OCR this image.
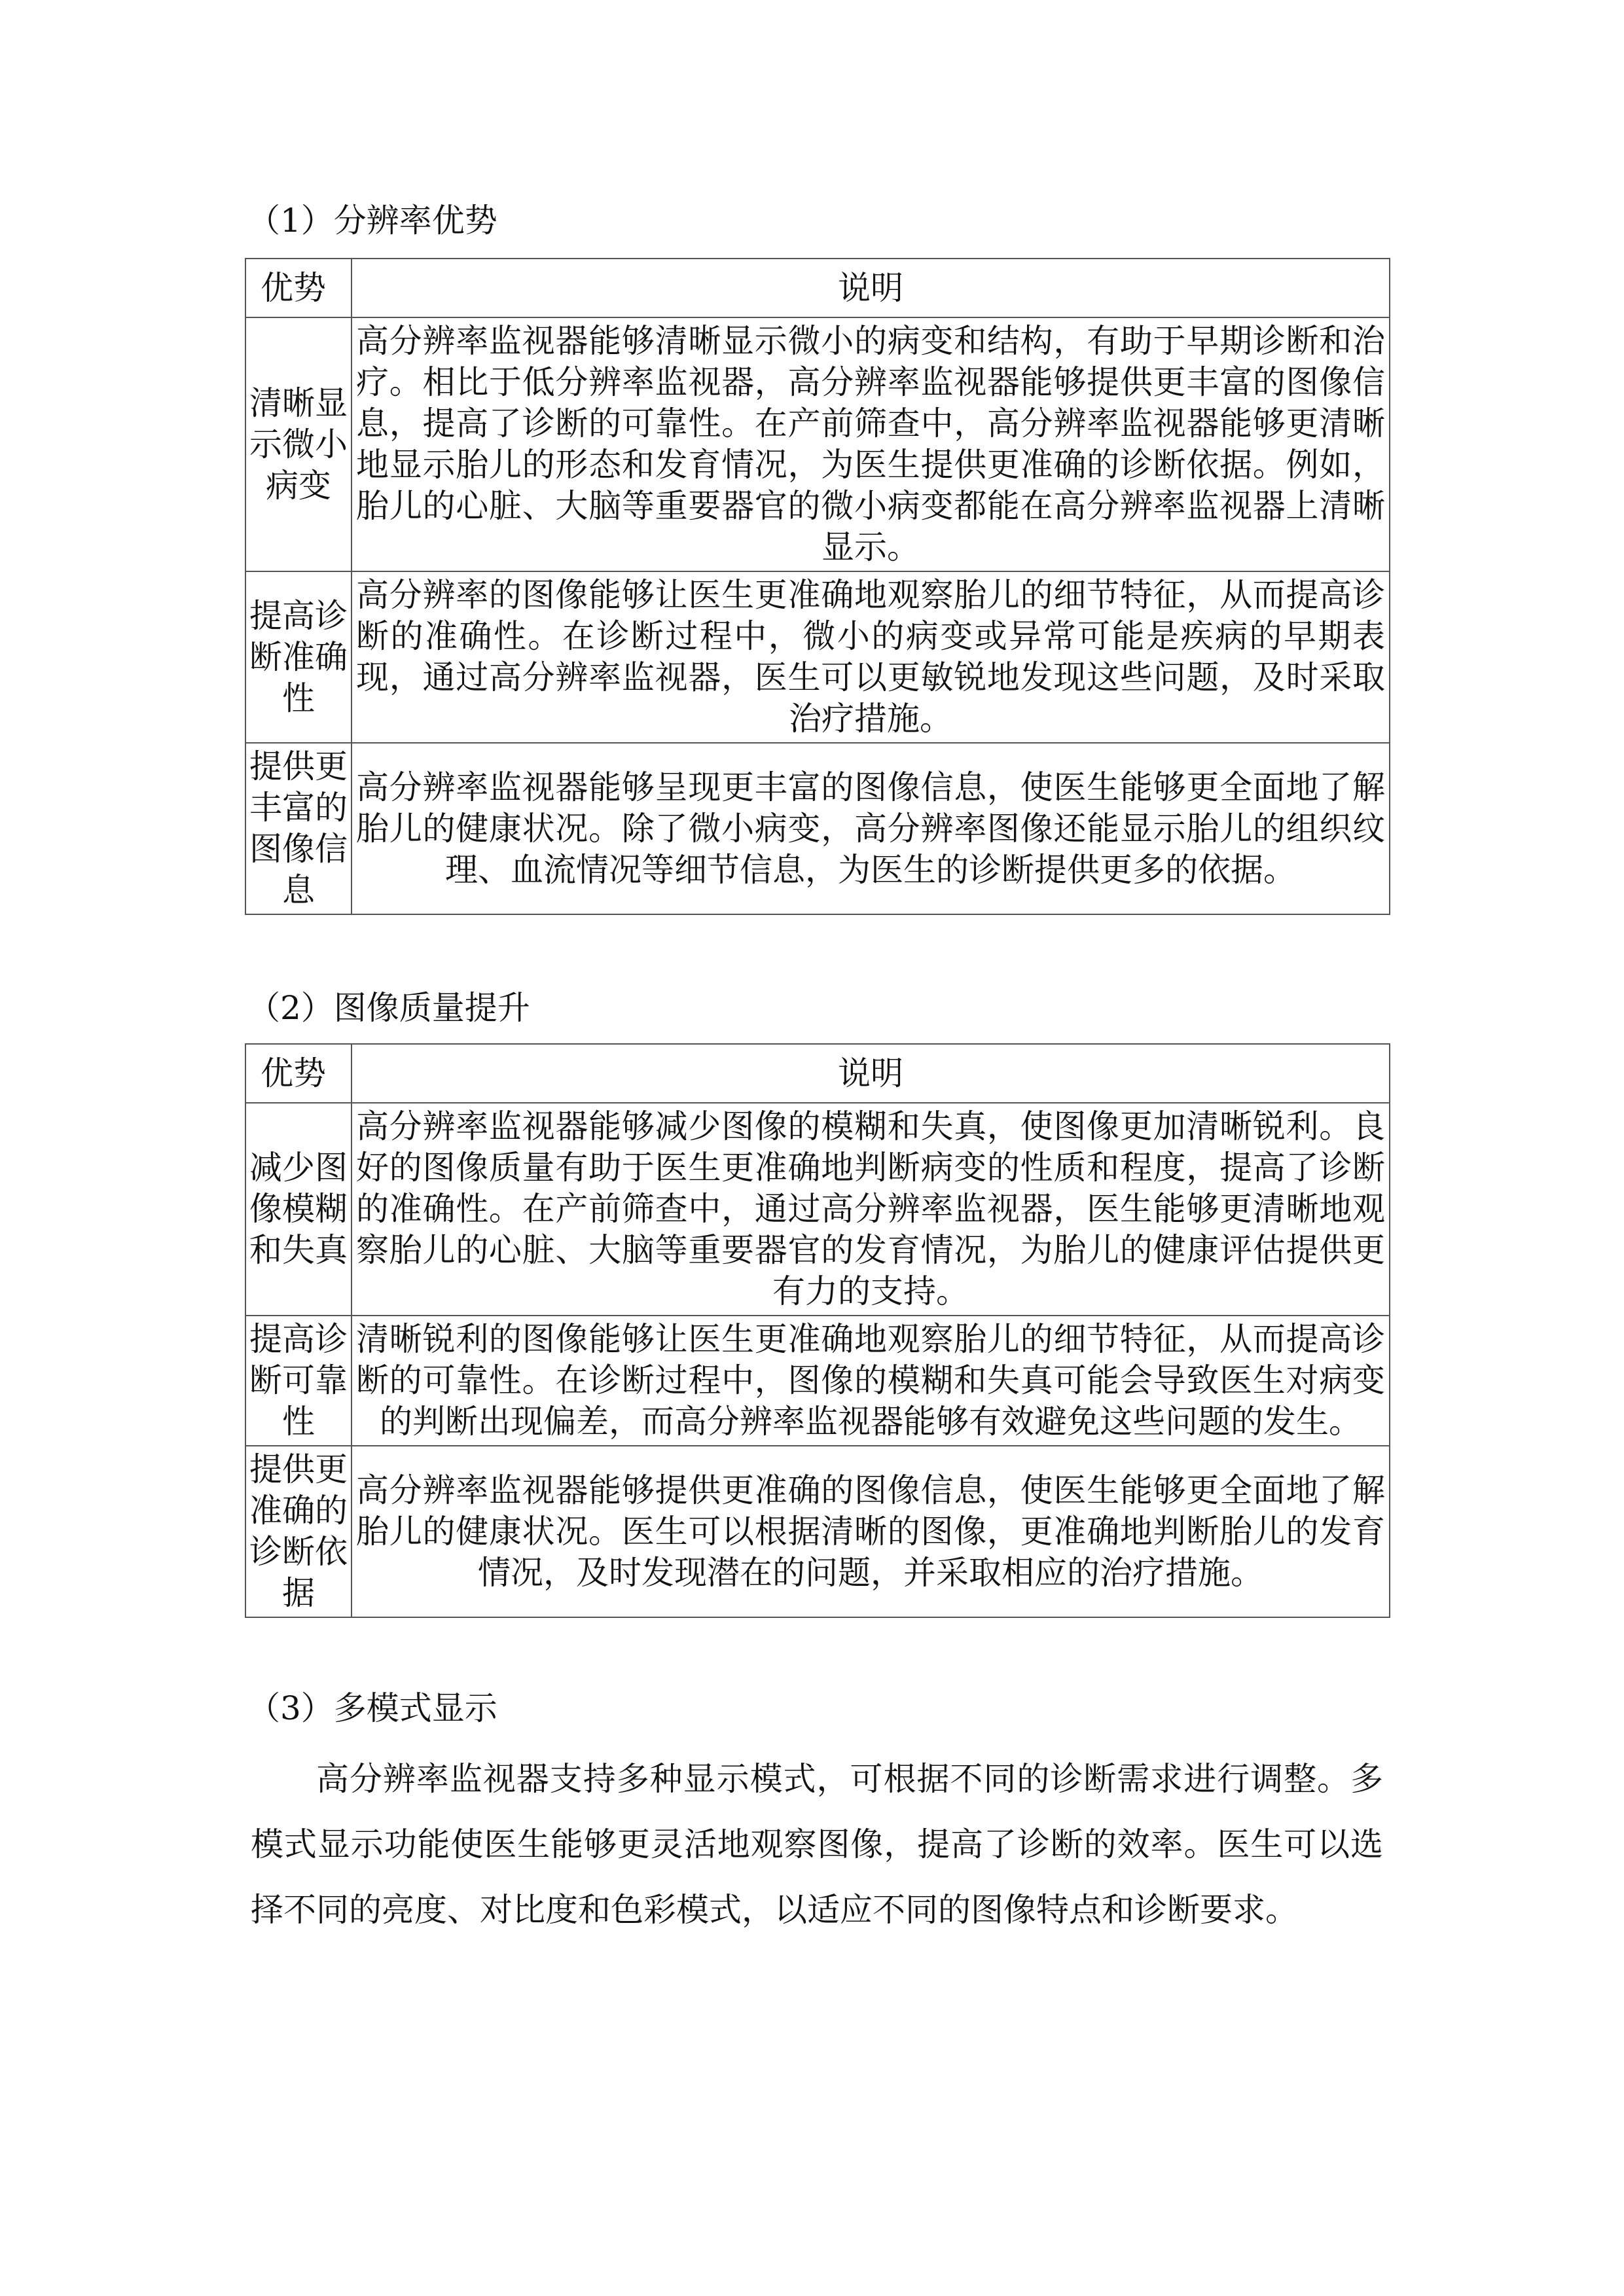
（1）分辨率优势
优势	说明
清晰显示微小病变	高分辨率监视器能够清晰显示微小的病变和结构，有助于早期诊断和治疗。相比于低分辨率监视器，高分辨率监视器能够提供更丰富的图像信息，提高了诊断的可靠性。在产前筛查中，高分辨率监视器能够更清晰地显示胎儿的形态和发育情况，为医生提供更准确的诊断依据。例如，胎儿的心脏、大脑等重要器官的微小病变都能在高分辨率监视器上清晰显示。
提高诊断准确性	高分辨率的图像能够让医生更准确地观察胎儿的细节特征，从而提高诊断的准确性。在诊断过程中，微小的病变或异常可能是疾病的早期表现，通过高分辨率监视器，医生可以更敏锐地发现这些问题，及时采取治疗措施。
提供更丰富的图像信息	高分辨率监视器能够呈现更丰富的图像信息，使医生能够更全面地了解胎儿的健康状况。除了微小病变，高分辨率图像还能显示胎儿的组织纹理、血流情况等细节信息，为医生的诊断提供更多的依据。
（2）图像质量提升
优势	说明
减少图像模糊和失真	高分辨率监视器能够减少图像的模糊和失真，使图像更加清晰锐利。良好的图像质量有助于医生更准确地判断病变的性质和程度，提高了诊断的准确性。在产前筛查中，通过高分辨率监视器，医生能够更清晰地观察胎儿的心脏、大脑等重要器官的发育情况，为胎儿的健康评估提供更有力的支持。
提高诊断可靠性	清晰锐利的图像能够让医生更准确地观察胎儿的细节特征，从而提高诊断的可靠性。在诊断过程中，图像的模糊和失真可能会导致医生对病变的判断出现偏差，而高分辨率监视器能够有效避免这些问题的发生。
提供更准确的诊断依据	高分辨率监视器能够提供更准确的图像信息，使医生能够更全面地了解胎儿的健康状况。医生可以根据清晰的图像，更准确地判断胎儿的发育情况，及时发现潜在的问题，并采取相应的治疗措施。
（3）多模式显示

高分辨率监视器支持多种显示模式，可根据不同的诊断需求进行调整。多模式显示功能使医生能够更灵活地观察图像，提高了诊断的效率。医生可以选择不同的亮度、对比度和色彩模式，以适应不同的图像特点和诊断要求。
